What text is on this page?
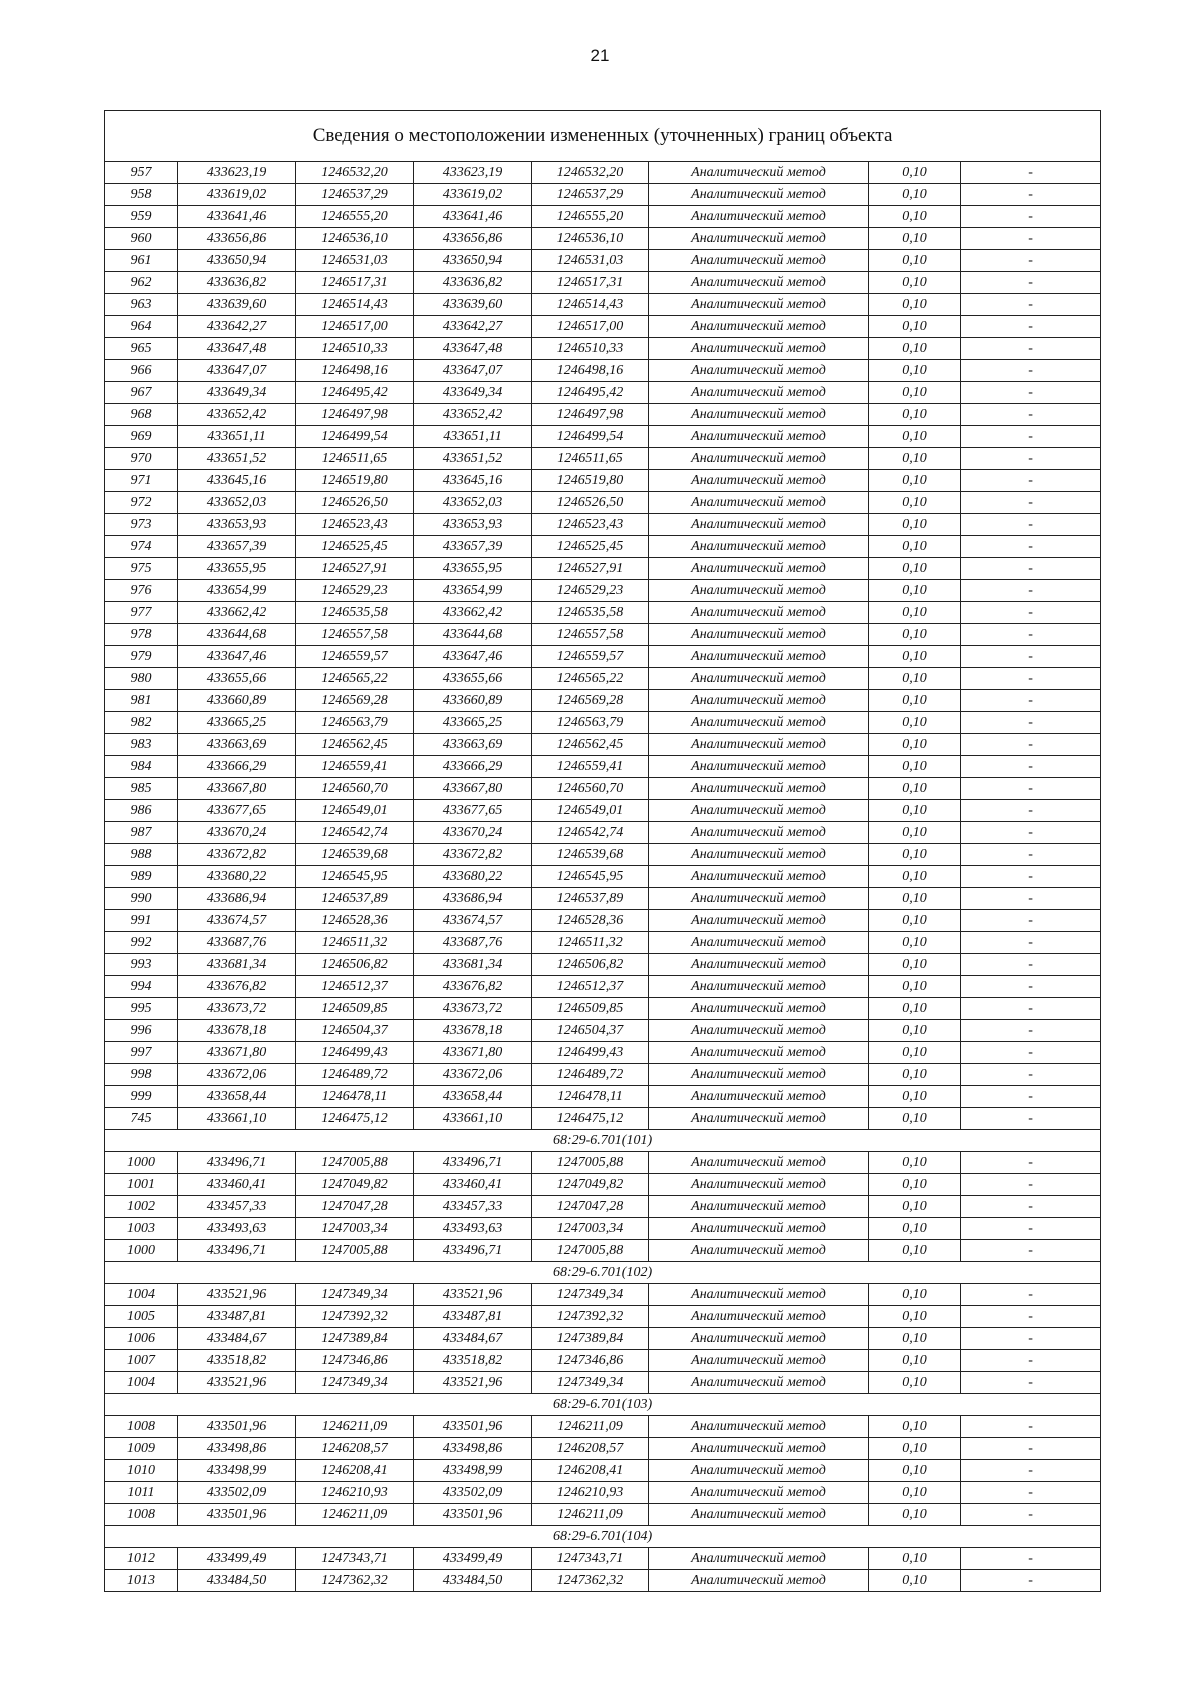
21
Сведения о местоположении измененных (уточненных) границ объекта							
957	433623,19	1246532,20	433623,19	1246532,20	Аналитический метод	0,10	-
958	433619,02	1246537,29	433619,02	1246537,29	Аналитический метод	0,10	-
959	433641,46	1246555,20	433641,46	1246555,20	Аналитический метод	0,10	-
960	433656,86	1246536,10	433656,86	1246536,10	Аналитический метод	0,10	-
961	433650,94	1246531,03	433650,94	1246531,03	Аналитический метод	0,10	-
962	433636,82	1246517,31	433636,82	1246517,31	Аналитический метод	0,10	-
963	433639,60	1246514,43	433639,60	1246514,43	Аналитический метод	0,10	-
964	433642,27	1246517,00	433642,27	1246517,00	Аналитический метод	0,10	-
965	433647,48	1246510,33	433647,48	1246510,33	Аналитический метод	0,10	-
966	433647,07	1246498,16	433647,07	1246498,16	Аналитический метод	0,10	-
967	433649,34	1246495,42	433649,34	1246495,42	Аналитический метод	0,10	-
968	433652,42	1246497,98	433652,42	1246497,98	Аналитический метод	0,10	-
969	433651,11	1246499,54	433651,11	1246499,54	Аналитический метод	0,10	-
970	433651,52	1246511,65	433651,52	1246511,65	Аналитический метод	0,10	-
971	433645,16	1246519,80	433645,16	1246519,80	Аналитический метод	0,10	-
972	433652,03	1246526,50	433652,03	1246526,50	Аналитический метод	0,10	-
973	433653,93	1246523,43	433653,93	1246523,43	Аналитический метод	0,10	-
974	433657,39	1246525,45	433657,39	1246525,45	Аналитический метод	0,10	-
975	433655,95	1246527,91	433655,95	1246527,91	Аналитический метод	0,10	-
976	433654,99	1246529,23	433654,99	1246529,23	Аналитический метод	0,10	-
977	433662,42	1246535,58	433662,42	1246535,58	Аналитический метод	0,10	-
978	433644,68	1246557,58	433644,68	1246557,58	Аналитический метод	0,10	-
979	433647,46	1246559,57	433647,46	1246559,57	Аналитический метод	0,10	-
980	433655,66	1246565,22	433655,66	1246565,22	Аналитический метод	0,10	-
981	433660,89	1246569,28	433660,89	1246569,28	Аналитический метод	0,10	-
982	433665,25	1246563,79	433665,25	1246563,79	Аналитический метод	0,10	-
983	433663,69	1246562,45	433663,69	1246562,45	Аналитический метод	0,10	-
984	433666,29	1246559,41	433666,29	1246559,41	Аналитический метод	0,10	-
985	433667,80	1246560,70	433667,80	1246560,70	Аналитический метод	0,10	-
986	433677,65	1246549,01	433677,65	1246549,01	Аналитический метод	0,10	-
987	433670,24	1246542,74	433670,24	1246542,74	Аналитический метод	0,10	-
988	433672,82	1246539,68	433672,82	1246539,68	Аналитический метод	0,10	-
989	433680,22	1246545,95	433680,22	1246545,95	Аналитический метод	0,10	-
990	433686,94	1246537,89	433686,94	1246537,89	Аналитический метод	0,10	-
991	433674,57	1246528,36	433674,57	1246528,36	Аналитический метод	0,10	-
992	433687,76	1246511,32	433687,76	1246511,32	Аналитический метод	0,10	-
993	433681,34	1246506,82	433681,34	1246506,82	Аналитический метод	0,10	-
994	433676,82	1246512,37	433676,82	1246512,37	Аналитический метод	0,10	-
995	433673,72	1246509,85	433673,72	1246509,85	Аналитический метод	0,10	-
996	433678,18	1246504,37	433678,18	1246504,37	Аналитический метод	0,10	-
997	433671,80	1246499,43	433671,80	1246499,43	Аналитический метод	0,10	-
998	433672,06	1246489,72	433672,06	1246489,72	Аналитический метод	0,10	-
999	433658,44	1246478,11	433658,44	1246478,11	Аналитический метод	0,10	-
745	433661,10	1246475,12	433661,10	1246475,12	Аналитический метод	0,10	-
68:29-6.701(101)							
1000	433496,71	1247005,88	433496,71	1247005,88	Аналитический метод	0,10	-
1001	433460,41	1247049,82	433460,41	1247049,82	Аналитический метод	0,10	-
1002	433457,33	1247047,28	433457,33	1247047,28	Аналитический метод	0,10	-
1003	433493,63	1247003,34	433493,63	1247003,34	Аналитический метод	0,10	-
1000	433496,71	1247005,88	433496,71	1247005,88	Аналитический метод	0,10	-
68:29-6.701(102)							
1004	433521,96	1247349,34	433521,96	1247349,34	Аналитический метод	0,10	-
1005	433487,81	1247392,32	433487,81	1247392,32	Аналитический метод	0,10	-
1006	433484,67	1247389,84	433484,67	1247389,84	Аналитический метод	0,10	-
1007	433518,82	1247346,86	433518,82	1247346,86	Аналитический метод	0,10	-
1004	433521,96	1247349,34	433521,96	1247349,34	Аналитический метод	0,10	-
68:29-6.701(103)							
1008	433501,96	1246211,09	433501,96	1246211,09	Аналитический метод	0,10	-
1009	433498,86	1246208,57	433498,86	1246208,57	Аналитический метод	0,10	-
1010	433498,99	1246208,41	433498,99	1246208,41	Аналитический метод	0,10	-
1011	433502,09	1246210,93	433502,09	1246210,93	Аналитический метод	0,10	-
1008	433501,96	1246211,09	433501,96	1246211,09	Аналитический метод	0,10	-
68:29-6.701(104)							
1012	433499,49	1247343,71	433499,49	1247343,71	Аналитический метод	0,10	-
1013	433484,50	1247362,32	433484,50	1247362,32	Аналитический метод	0,10	-
